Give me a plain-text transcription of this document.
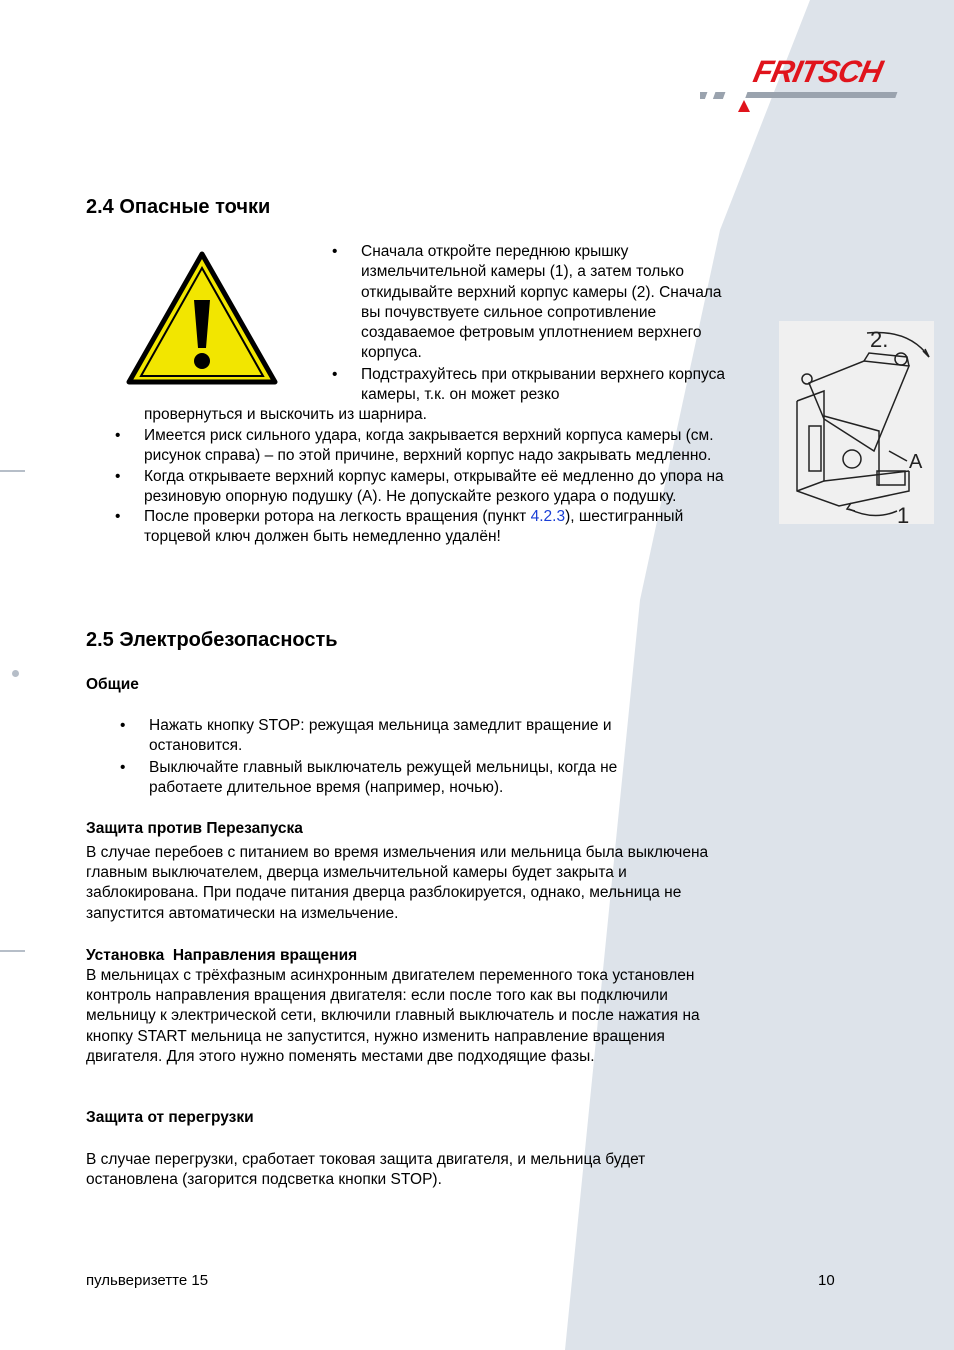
FRITSCH
2.4 Опасные точки
• Сначала откройте переднюю крышку измельчительной камеры (1), а затем только откидывайте верхний корпус камеры (2). Сначала вы почувствуете сильное сопротивление создаваемое фетровым уплотнением верхнего корпуса.
• Подстрахуйтесь при открывании верхнего корпуса камеры, т.к. он может резко

провернуться и выскочить из шарнира.

• Имеется риск сильного удара, когда закрывается верхний корпуса камеры (см. рисунок справа) – по этой причине, верхний корпус надо закрывать медленно.
• Когда открываете верхний корпус камеры, открывайте её медленно до упора на резиновую опорную подушку (А). Не допускайте резкого удара о подушку.
• После проверки ротора на легкость вращения (пункт 4.2.3), шестигранный торцевой ключ должен быть немедленно удалён!
2.
A
1
2.5 Электробезопасность
Общие
• Нажать кнопку STOP: режущая мельница замедлит вращение и остановится.
• Выключайте главный выключатель режущей мельницы, когда не работаете длительное время (например, ночью).
Защита против Перезапуска

В случае перебоев с питанием во время измельчения или мельница была выключена главным выключателем, дверца измельчительной камеры будет закрыта и заблокирована. При подаче питания дверца разблокируется, однако, мельница не запустится автоматически на измельчение.

Установка  Направления вращения

В мельницах с трёхфазным асинхронным двигателем переменного тока установлен контроль направления вращения двигателя: если после того как вы подключили мельницу к электрической сети, включили главный выключатель и после нажатия на кнопку START мельница не запустится, нужно изменить направление вращения двигателя. Для этого нужно поменять местами две подходящие фазы.

Защита от перегрузки

В случае перегрузки, сработает токовая защита двигателя, и мельница будет остановлена (загорится подсветка кнопки STOP).

пульверизетте 15	10
